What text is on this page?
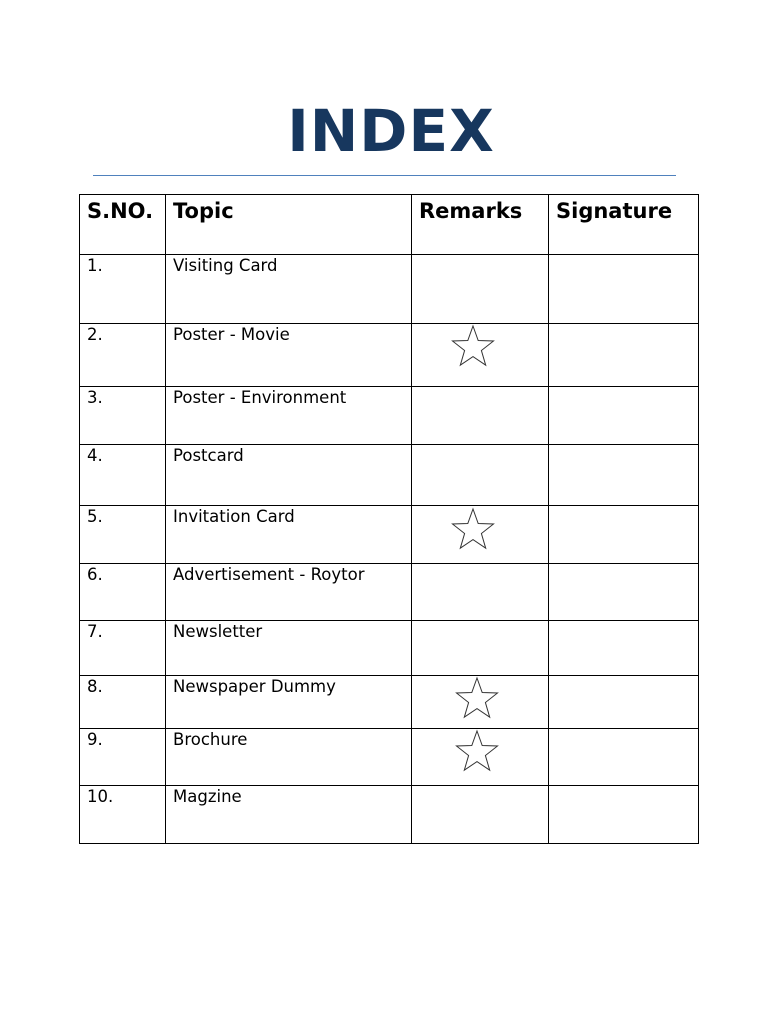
INDEX
S.NO.	Topic	Remarks	Signature
1.	Visiting Card		
2.	Poster - Movie	

3.	Poster - Environment		
4.	Postcard		
5.	Invitation Card	

6.	Advertisement - Roytor		
7.	Newsletter		
8.	Newspaper Dummy	

9.	Brochure	

10.	Magzine		
